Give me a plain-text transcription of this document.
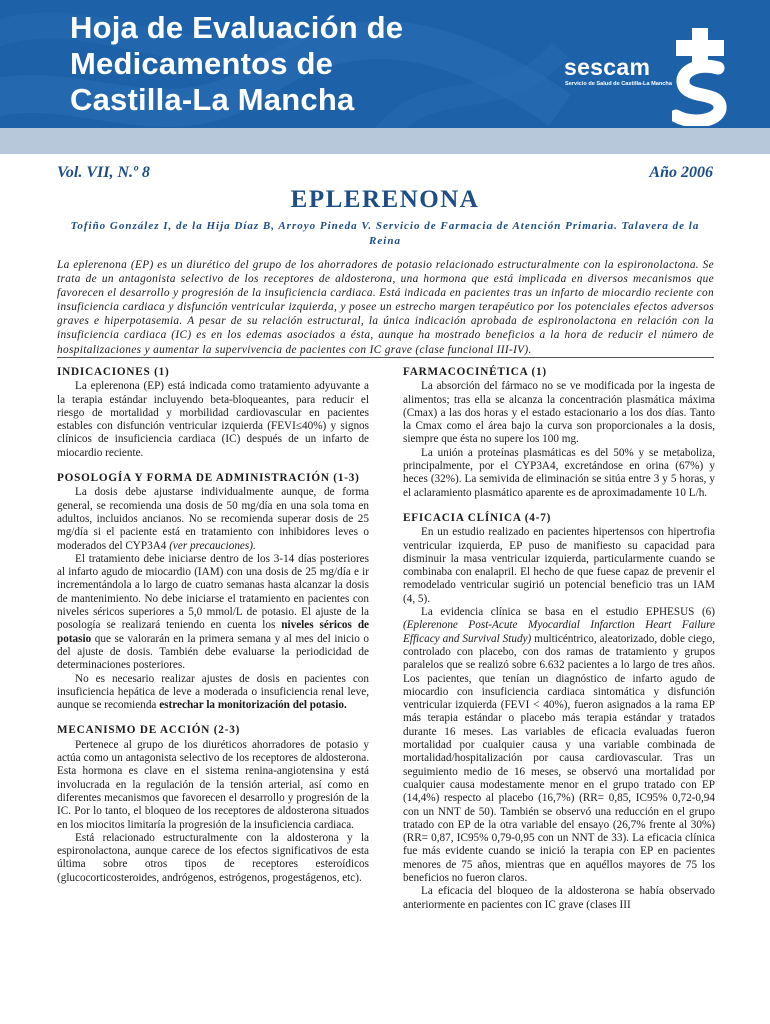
Hoja de Evaluación de
Medicamentos de
Castilla-La Mancha
sescam
Servicio de Salud de Castilla-La Mancha
Vol. VII, N.º 8	Año 2006
EPLERENONA
Tofiño González I, de la Hija Díaz B, Arroyo Pineda V. Servicio de Farmacia de Atención Primaria. Talavera de la Reina

La eplerenona (EP) es un diurético del grupo de los ahorradores de potasio relacionado estructuralmente con la espironolactona. Se trata de un antagonista selectivo de los receptores de aldosterona, una hormona que está implicada en diversos mecanismos que favorecen el desarrollo y progresión de la insuficiencia cardiaca. Está indicada en pacientes tras un infarto de miocardio reciente con insuficiencia cardiaca y disfunción ventricular izquierda, y posee un estrecho margen terapéutico por los potenciales efectos adversos graves e hiperpotasemia. A pesar de su relación estructural, la única indicación aprobada de espironolactona en relación con la insuficiencia cardiaca (IC) es en los edemas asociados a ésta, aunque ha mostrado beneficios a la hora de reducir el número de hospitalizaciones y aumentar la supervivencia de pacientes con IC grave (clase funcional III-IV).

INDICACIONES (1)

La eplerenona (EP) está indicada como tratamiento adyuvante a la terapia estándar incluyendo beta-bloqueantes, para reducir el riesgo de mortalidad y morbilidad cardiovascular en pacientes estables con disfunción ventricular izquierda (FEVI≤40%) y signos clínicos de insuficiencia cardiaca (IC) después de un infarto de miocardio reciente.

POSOLOGÍA Y FORMA DE ADMINISTRACIÓN (1-3)

La dosis debe ajustarse individualmente aunque, de forma general, se recomienda una dosis de 50 mg/día en una sola toma en adultos, incluidos ancianos. No se recomienda superar dosis de 25 mg/día si el paciente está en tratamiento con inhibidores leves o moderados del CYP3A4 (ver precauciones).

El tratamiento debe iniciarse dentro de los 3-14 días posteriores al infarto agudo de miocardio (IAM) con una dosis de 25 mg/día e ir incrementándola a lo largo de cuatro semanas hasta alcanzar la dosis de mantenimiento. No debe iniciarse el tratamiento en pacientes con niveles séricos superiores a 5,0 mmol/L de potasio. El ajuste de la posología se realizará teniendo en cuenta los niveles séricos de potasio que se valorarán en la primera semana y al mes del inicio o del ajuste de dosis. También debe evaluarse la periodicidad de determinaciones posteriores.

No es necesario realizar ajustes de dosis en pacientes con insuficiencia hepática de leve a moderada o insuficiencia renal leve, aunque se recomienda estrechar la monitorización del potasio.

MECANISMO DE ACCIÓN (2-3)

Pertenece al grupo de los diuréticos ahorradores de potasio y actúa como un antagonista selectivo de los receptores de aldosterona. Esta hormona es clave en el sistema renina-angiotensina y está involucrada en la regulación de la tensión arterial, así como en diferentes mecanismos que favorecen el desarrollo y progresión de la IC. Por lo tanto, el bloqueo de los receptores de aldosterona situados en los miocitos limitaría la progresión de la insuficiencia cardiaca.

Está relacionado estructuralmente con la aldosterona y la espironolactona, aunque carece de los efectos significativos de esta última sobre otros tipos de receptores esteroídicos (glucocorticosteroides, andrógenos, estrógenos, progestágenos, etc).

FARMACOCINÉTICA (1)

La absorción del fármaco no se ve modificada por la ingesta de alimentos; tras ella se alcanza la concentración plasmática máxima (Cmax) a las dos horas y el estado estacionario a los dos días. Tanto la Cmax como el área bajo la curva son proporcionales a la dosis, siempre que ésta no supere los 100 mg.

La unión a proteínas plasmáticas es del 50% y se metaboliza, principalmente, por el CYP3A4, excretándose en orina (67%) y heces (32%). La semivida de eliminación se sitúa entre 3 y 5 horas, y el aclaramiento plasmático aparente es de aproximadamente 10 L/h.

EFICACIA CLÍNICA (4-7)

En un estudio realizado en pacientes hipertensos con hipertrofia ventricular izquierda, EP puso de manifiesto su capacidad para disminuir la masa ventricular izquierda, particularmente cuando se combinaba con enalapril. El hecho de que fuese capaz de prevenir el remodelado ventricular sugirió un potencial beneficio tras un IAM (4, 5).

La evidencia clínica se basa en el estudio EPHESUS (6) (Eplerenone Post-Acute Myocardial Infarction Heart Failure Efficacy and Survival Study) multicéntrico, aleatorizado, doble ciego, controlado con placebo, con dos ramas de tratamiento y grupos paralelos que se realizó sobre 6.632 pacientes a lo largo de tres años. Los pacientes, que tenían un diagnóstico de infarto agudo de miocardio con insuficiencia cardiaca sintomática y disfunción ventricular izquierda (FEVI < 40%), fueron asignados a la rama EP más terapia estándar o placebo más terapia estándar y tratados durante 16 meses. Las variables de eficacia evaluadas fueron mortalidad por cualquier causa y una variable combinada de mortalidad/hospitalización por causa cardiovascular. Tras un seguimiento medio de 16 meses, se observó una mortalidad por cualquier causa modestamente menor en el grupo tratado con EP (14,4%) respecto al placebo (16,7%) (RR= 0,85, IC95% 0,72-0,94 con un NNT de 50). También se observó una reducción en el grupo tratado con EP de la otra variable del ensayo (26,7% frente al 30%) (RR= 0,87, IC95% 0,79-0,95 con un NNT de 33). La eficacia clínica fue más evidente cuando se inició la terapia con EP en pacientes menores de 75 años, mientras que en aquéllos mayores de 75 los beneficios no fueron claros.

La eficacia del bloqueo de la aldosterona se había observado anteriormente en pacientes con IC grave (clases III
